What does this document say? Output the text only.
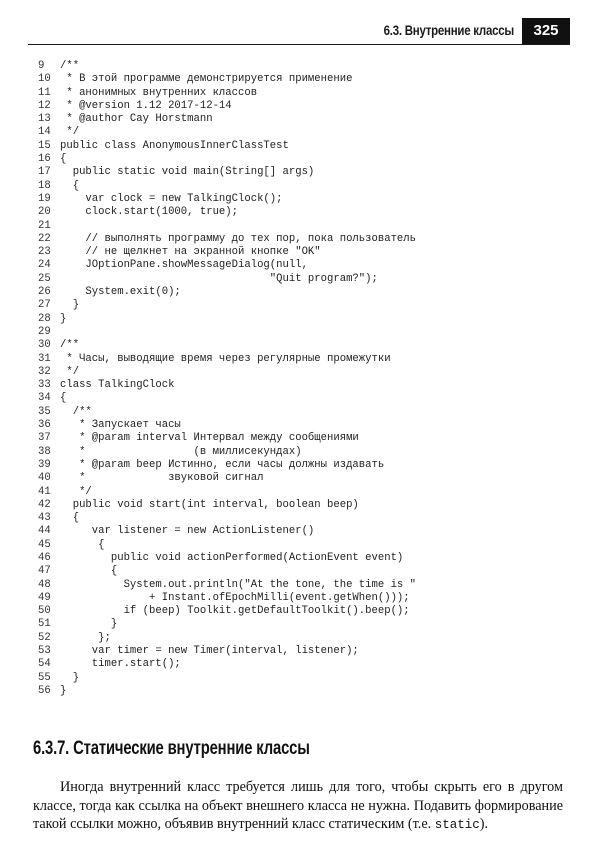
6.3. Внутренние классы	325
9 /**
10 * В этой программе демонстрируется применение
11 * анонимных внутренних классов
12 * @version 1.12 2017-12-14
13 * @author Cay Horstmann
14 */
15 public class AnonymousInnerClassTest
16 {
17  public static void main(String[] args)
18  {
19    var clock = new TalkingClock();
20    clock.start(1000, true);
21
22    // выполнять программу до тех пор, пока пользователь
23    // не щелкнет на экранной кнопке "OK"
24    JOptionPane.showMessageDialog(null,
25                                 "Quit program?");
26    System.exit(0);
27  }
28 }
29
30 /**
31 * Часы, выводящие время через регулярные промежутки
32 */
33 class TalkingClock
34 {
35  /**
36   * Запускает часы
37   * @param interval Интервал между сообщениями
38   *                 (в миллисекундах)
39   * @param beep Истинно, если часы должны издавать
40   *             звуковой сигнал
41   */
42  public void start(int interval, boolean beep)
43  {
44     var listener = new ActionListener()
45      {
46        public void actionPerformed(ActionEvent event)
47        {
48          System.out.println("At the tone, the time is "
49              + Instant.ofEpochMilli(event.getWhen()));
50          if (beep) Toolkit.getDefaultToolkit().beep();
51        }
52      };
53     var timer = new Timer(interval, listener);
54     timer.start();
55  }
56 }
6.3.7. Статические внутренние классы

Иногда внутренний класс требуется лишь для того, чтобы скрыть его в другом классе, тогда как ссылка на объект внешнего класса не нужна. Подавить формирование такой ссылки можно, объявив внутренний класс статическим (т.е. static).
